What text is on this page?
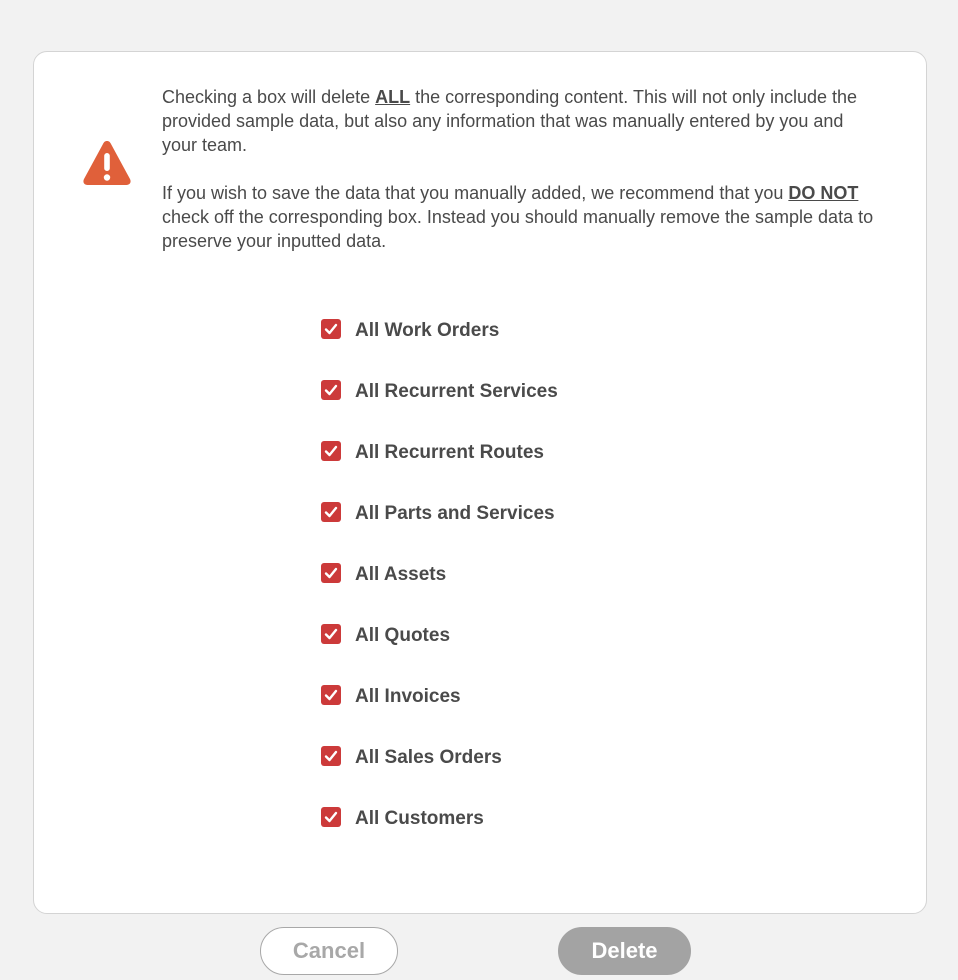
Checking a box will delete ALL the corresponding content. This will not only include the provided sample data, but also any information that was manually entered by you and your team.

If you wish to save the data that you manually added, we recommend that you DO NOT check off the corresponding box. Instead you should manually remove the sample data to preserve your inputted data.

All Work Orders
All Recurrent Services
All Recurrent Routes
All Parts and Services
All Assets
All Quotes
All Invoices
All Sales Orders
All Customers
Cancel	Delete
